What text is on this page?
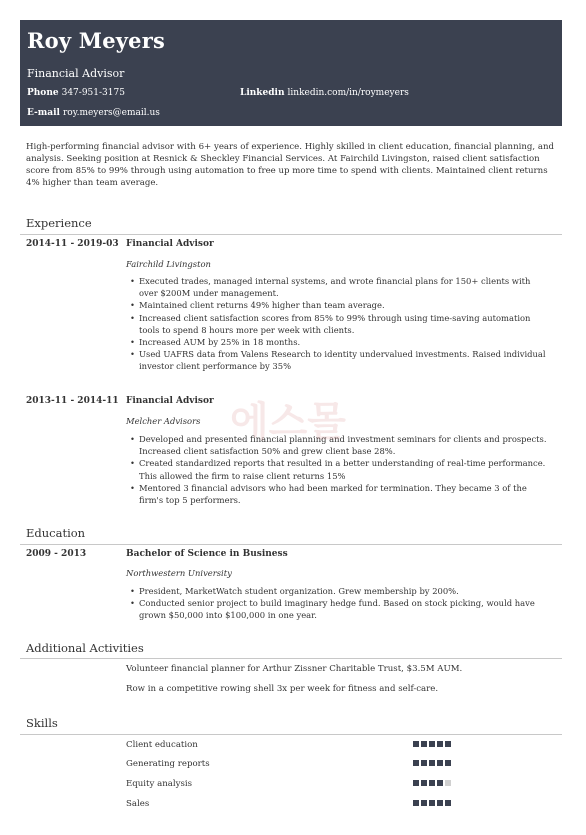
Roy Meyers
Financial Advisor
Phone 347-951-3175	Linkedin linkedin.com/in/roymeyers
E-mail roy.meyers@email.us
High-performing financial advisor with 6+ years of experience. Highly skilled in client education, financial planning, and analysis. Seeking position at Resnick & Sheckley Financial Services. At Fairchild Livingston, raised client satisfaction score from 85% to 99% through using automation to free up more time to spend with clients. Maintained client returns 4% higher than team average.
Experience
2014-11 - 2019-03 Financial Advisor
Fairchild Livingston
• Executed trades, managed internal systems, and wrote financial plans for 150+ clients with over $200M under management.
• Maintained client returns 49% higher than team average.
• Increased client satisfaction scores from 85% to 99% through using time-saving automation tools to spend 8 hours more per week with clients.
• Increased AUM by 25% in 18 months.
• Used UAFRS data from Valens Research to identity undervalued investments. Raised individual investor client performance by 35%
2013-11 - 2014-11 Financial Advisor
Melcher Advisors
• Developed and presented financial planning and investment seminars for clients and prospects. Increased client satisfaction 50% and grew client base 28%.
• Created standardized reports that resulted in a better understanding of real-time performance. This allowed the firm to raise client returns 15%
• Mentored 3 financial advisors who had been marked for termination. They became 3 of the firm's top 5 performers.
Education
2009 - 2013	Bachelor of Science in Business
Northwestern University
• President, MarketWatch student organization. Grew membership by 200%.
• Conducted senior project to build imaginary hedge fund. Based on stock picking, would have grown $50,000 into $100,000 in one year.
Additional Activities
Volunteer financial planner for Arthur Zissner Charitable Trust, $3.5M AUM.
Row in a competitive rowing shell 3x per week for fitness and self-care.
Skills
Client education
Generating reports
Equity analysis
Sales
에스몰
